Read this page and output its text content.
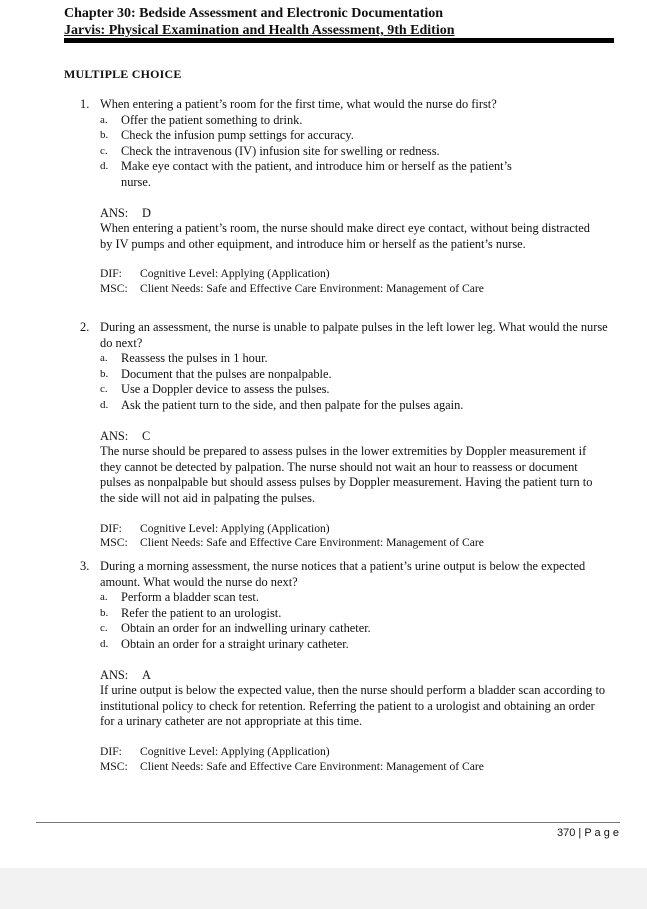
Chapter 30: Bedside Assessment and Electronic Documentation
Jarvis: Physical Examination and Health Assessment, 9th Edition
MULTIPLE CHOICE
1. When entering a patient’s room for the first time, what would the nurse do first?
a. Offer the patient something to drink.
b. Check the infusion pump settings for accuracy.
c. Check the intravenous (IV) infusion site for swelling or redness.
d. Make eye contact with the patient, and introduce him or herself as the patient’s nurse.
ANS: D
When entering a patient’s room, the nurse should make direct eye contact, without being distracted by IV pumps and other equipment, and introduce him or herself as the patient’s nurse.
DIF: Cognitive Level: Applying (Application)
MSC: Client Needs: Safe and Effective Care Environment: Management of Care
2. During an assessment, the nurse is unable to palpate pulses in the left lower leg. What would the nurse do next?
a. Reassess the pulses in 1 hour.
b. Document that the pulses are nonpalpable.
c. Use a Doppler device to assess the pulses.
d. Ask the patient turn to the side, and then palpate for the pulses again.
ANS: C
The nurse should be prepared to assess pulses in the lower extremities by Doppler measurement if they cannot be detected by palpation. The nurse should not wait an hour to reassess or document pulses as nonpalpable but should assess pulses by Doppler measurement. Having the patient turn to the side will not aid in palpating the pulses.
DIF: Cognitive Level: Applying (Application)
MSC: Client Needs: Safe and Effective Care Environment: Management of Care
3. During a morning assessment, the nurse notices that a patient’s urine output is below the expected amount. What would the nurse do next?
a. Perform a bladder scan test.
b. Refer the patient to an urologist.
c. Obtain an order for an indwelling urinary catheter.
d. Obtain an order for a straight urinary catheter.
ANS: A
If urine output is below the expected value, then the nurse should perform a bladder scan according to institutional policy to check for retention. Referring the patient to a urologist and obtaining an order for a urinary catheter are not appropriate at this time.
DIF: Cognitive Level: Applying (Application)
MSC: Client Needs: Safe and Effective Care Environment: Management of Care
370 | P a g e
